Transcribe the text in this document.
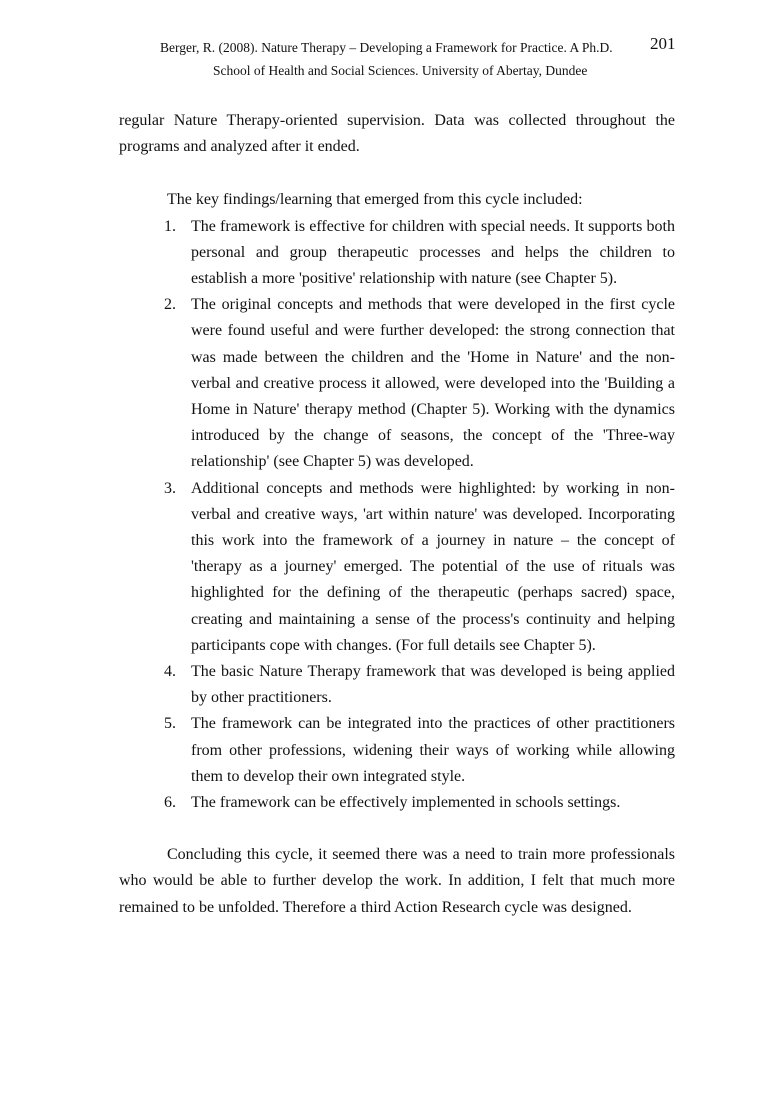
Berger, R. (2008). Nature Therapy – Developing a Framework for Practice. A Ph.D.
School of Health and Social Sciences. University of Abertay, Dundee
201

regular Nature Therapy-oriented supervision. Data was collected throughout the programs and analyzed after it ended.

The key findings/learning that emerged from this cycle included:

1. The framework is effective for children with special needs. It supports both personal and group therapeutic processes and helps the children to establish a more 'positive' relationship with nature (see Chapter 5).
2. The original concepts and methods that were developed in the first cycle were found useful and were further developed: the strong connection that was made between the children and the 'Home in Nature' and the non-verbal and creative process it allowed, were developed into the 'Building a Home in Nature' therapy method (Chapter 5). Working with the dynamics introduced by the change of seasons, the concept of the 'Three-way relationship' (see Chapter 5) was developed.
3. Additional concepts and methods were highlighted: by working in non-verbal and creative ways, 'art within nature' was developed. Incorporating this work into the framework of a journey in nature – the concept of 'therapy as a journey' emerged. The potential of the use of rituals was highlighted for the defining of the therapeutic (perhaps sacred) space, creating and maintaining a sense of the process's continuity and helping participants cope with changes. (For full details see Chapter 5).
4. The basic Nature Therapy framework that was developed is being applied by other practitioners.
5. The framework can be integrated into the practices of other practitioners from other professions, widening their ways of working while allowing them to develop their own integrated style.
6. The framework can be effectively implemented in schools settings.

Concluding this cycle, it seemed there was a need to train more professionals who would be able to further develop the work. In addition, I felt that much more remained to be unfolded. Therefore a third Action Research cycle was designed.
